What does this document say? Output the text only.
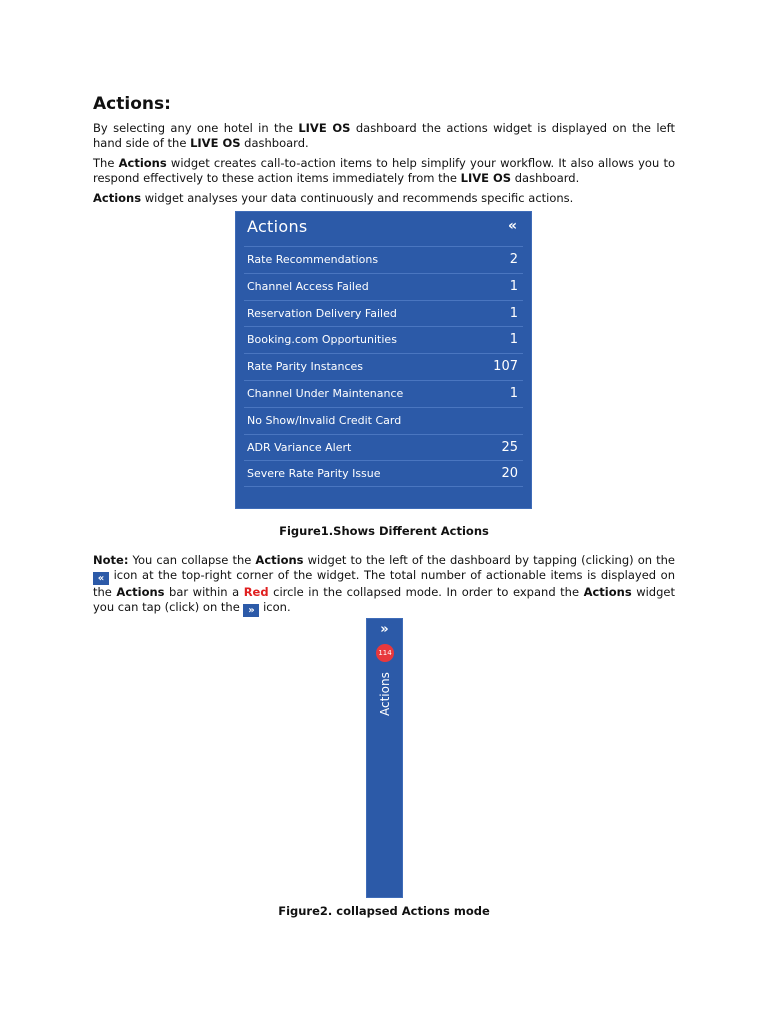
Actions:
By selecting any one hotel in the LIVE OS dashboard the actions widget is displayed on the left hand side of the LIVE OS dashboard.
The Actions widget creates call-to-action items to help simplify your workflow. It also allows you to respond effectively to these action items immediately from the LIVE OS dashboard.
Actions widget analyses your data continuously and recommends specific actions.
Actions	«
Rate Recommendations	2
Channel Access Failed	1
Reservation Delivery Failed	1
Booking.com Opportunities	1
Rate Parity Instances	107
Channel Under Maintenance	1
No Show/Invalid Credit Card
ADR Variance Alert	25
Severe Rate Parity Issue	20
Figure1.Shows Different Actions
Note: You can collapse the Actions widget to the left of the dashboard by tapping (clicking) on the « icon at the top-right corner of the widget. The total number of actionable items is displayed on the Actions bar within a Red circle in the collapsed mode. In order to expand the Actions widget you can tap (click) on the » icon.
»
114
Actions
Figure2. collapsed Actions mode
